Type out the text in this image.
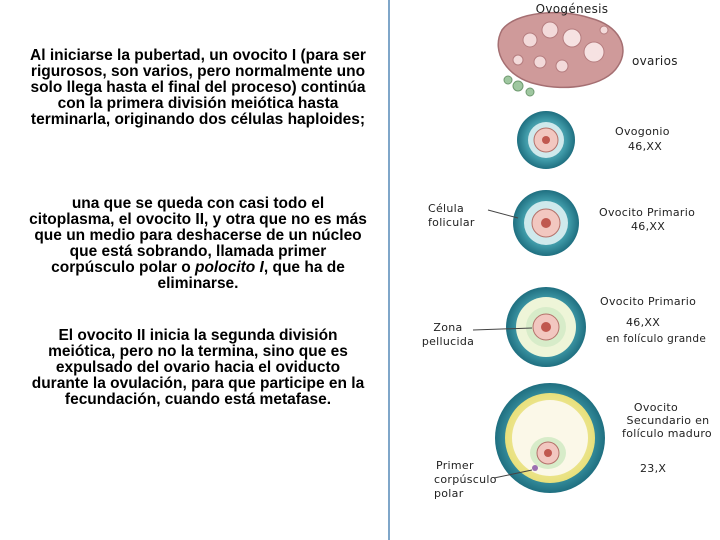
Al iniciarse la pubertad, un ovocito I (para ser rigurosos, son varios, pero normalmente uno solo llega hasta el final del proceso) continúa con la primera división meiótica hasta terminarla, originando dos células haploides;

una que se queda con casi todo el citoplasma, el ovocito II, y otra que no es más que un medio para deshacerse de un núcleo que está sobrando, llamada primer corpúsculo polar o polocito I, que ha de eliminarse.

El ovocito II inicia la segunda división meiótica, pero no la termina, sino que es expulsado del ovario hacia el oviducto durante la ovulación, para que participe en la fecundación, cuando está metafase.

Ovogénesis
ovarios
Ovogonio
46,XX
Célula
folicular
Ovocito Primario
46,XX
Ovocito Primario
46,XX
en folículo grande
Zona
pellucida
Ovocito
Secundario en
folículo maduro
23,X
Primer
corpúsculo
polar
